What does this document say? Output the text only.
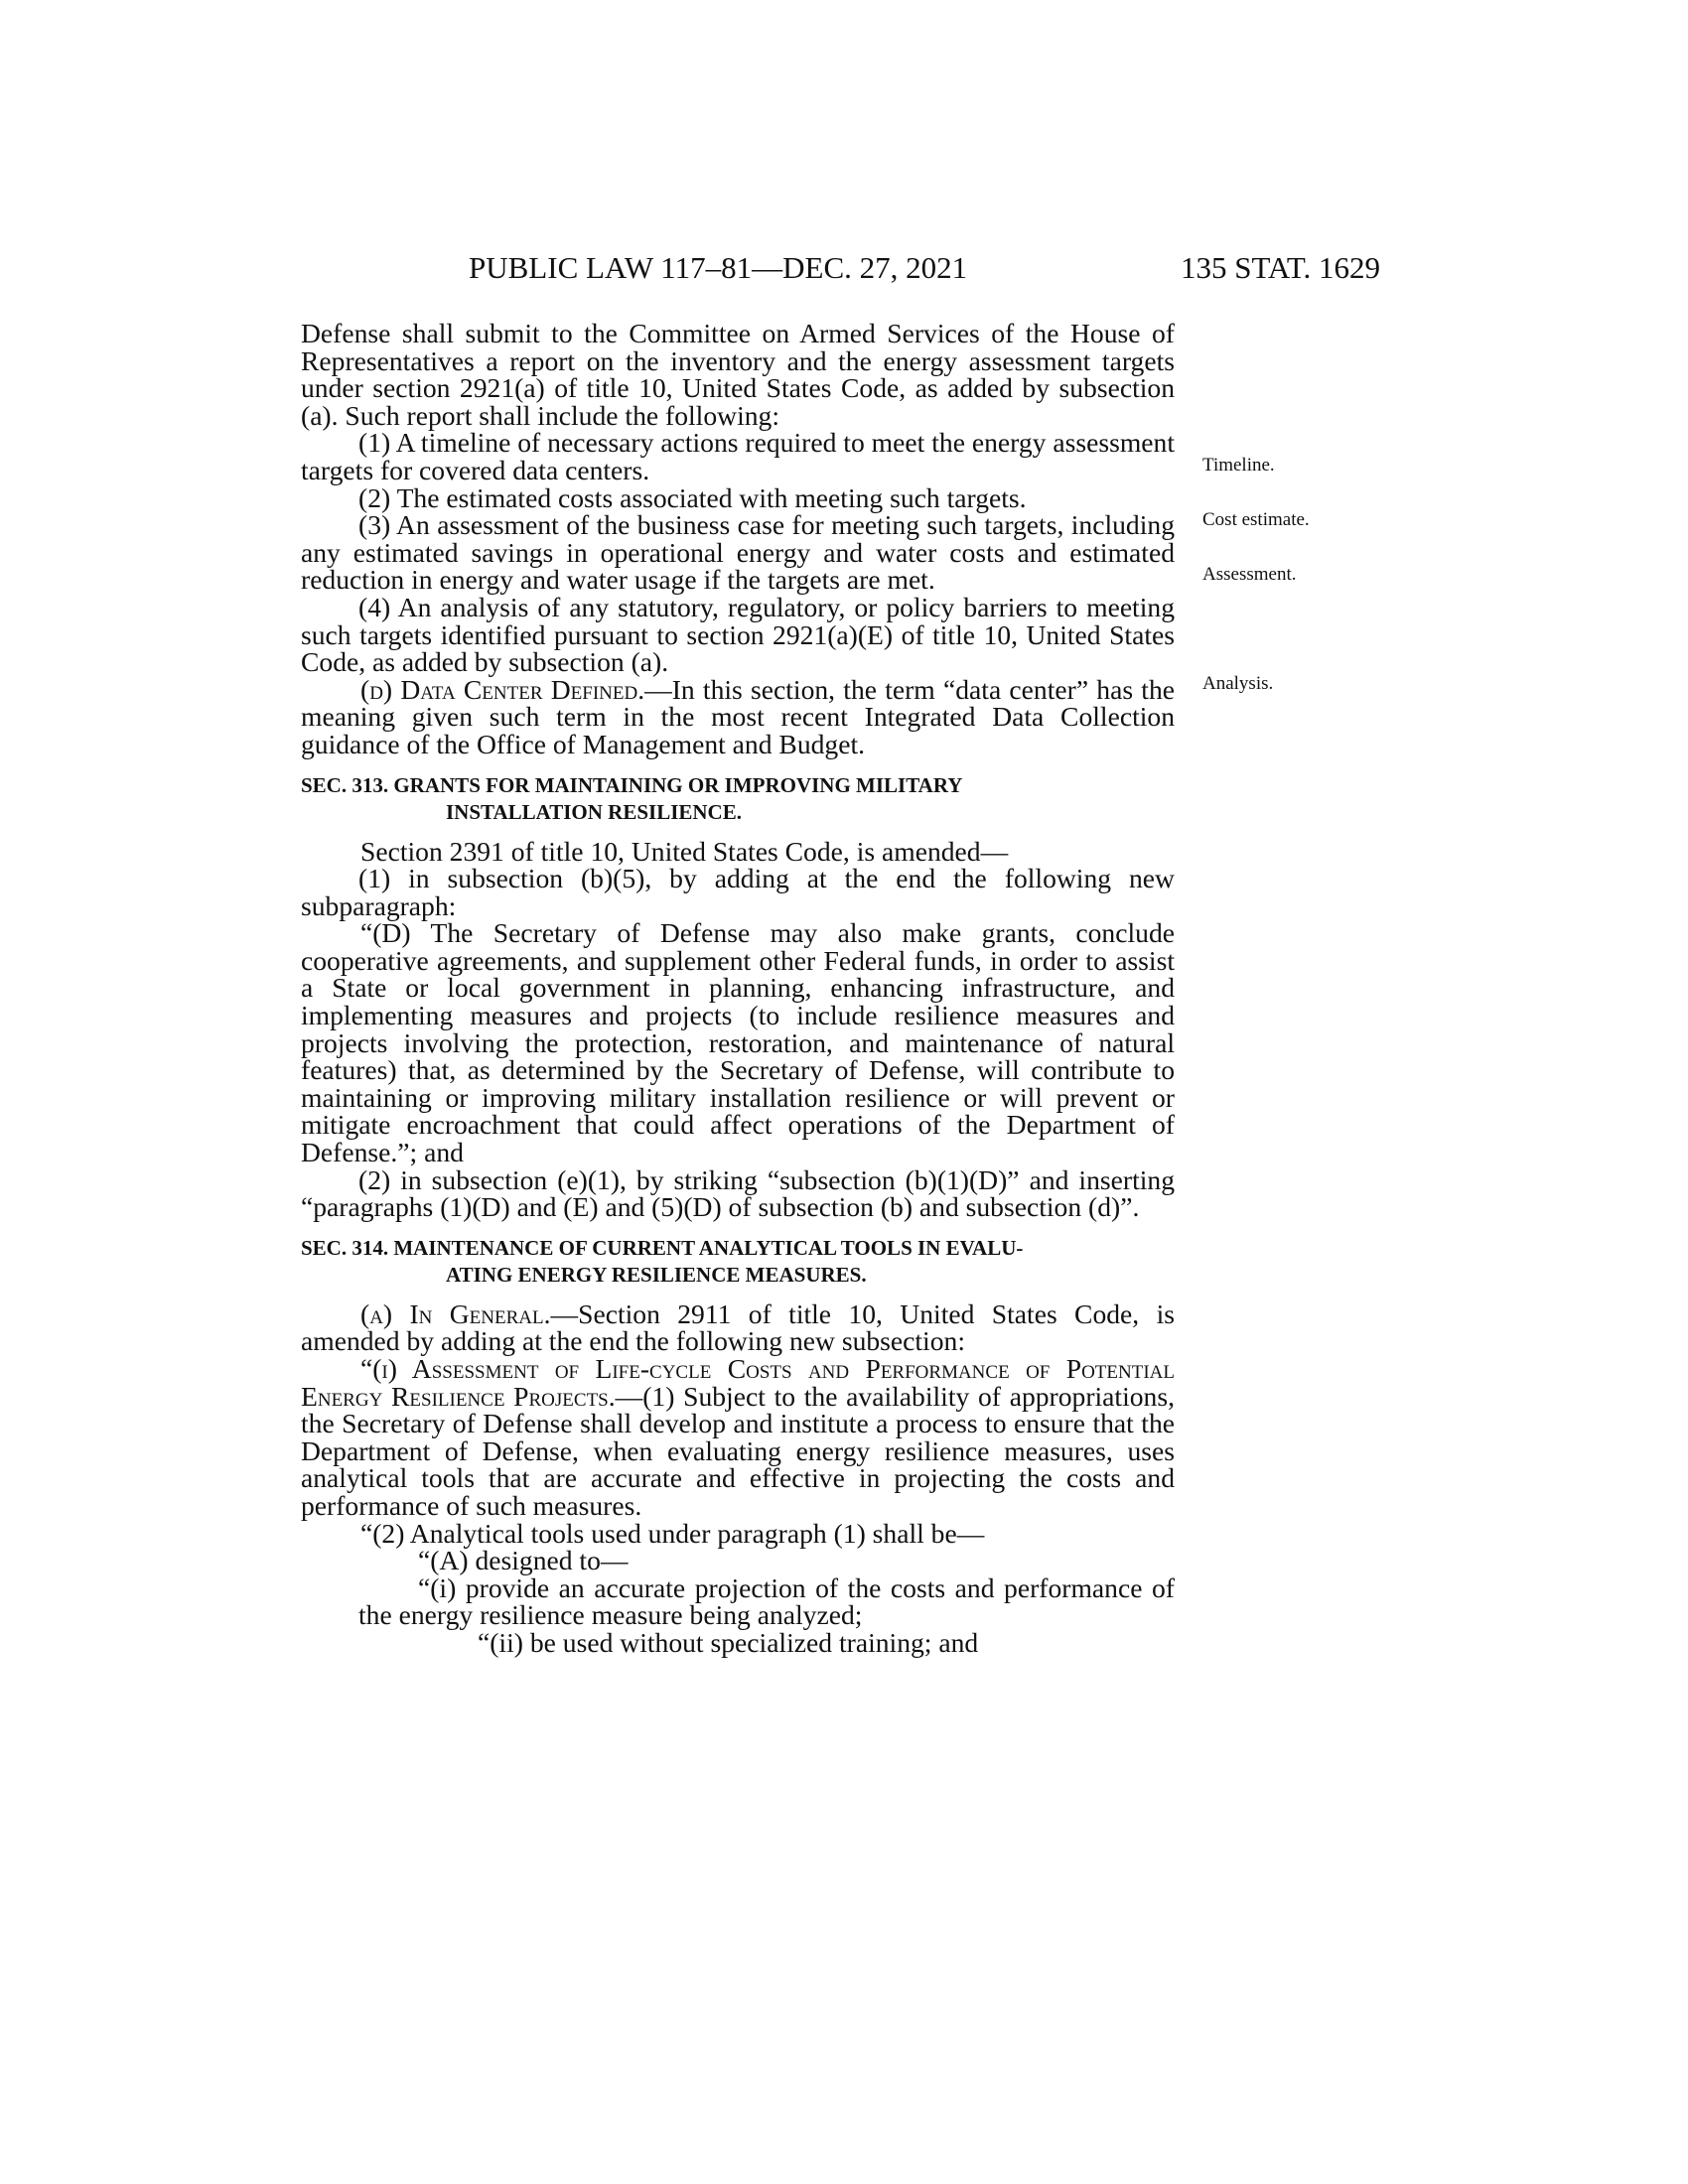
PUBLIC LAW 117–81—DEC. 27, 2021	135 STAT. 1629
Timeline.
Cost estimate.
Assessment.
Analysis.

Defense shall submit to the Committee on Armed Services of the House of Representatives a report on the inventory and the energy assessment targets under section 2921(a) of title 10, United States Code, as added by subsection (a). Such report shall include the following:

(1) A timeline of necessary actions required to meet the energy assessment targets for covered data centers.

(2) The estimated costs associated with meeting such targets.

(3) An assessment of the business case for meeting such targets, including any estimated savings in operational energy and water costs and estimated reduction in energy and water usage if the targets are met.

(4) An analysis of any statutory, regulatory, or policy barriers to meeting such targets identified pursuant to section 2921(a)(E) of title 10, United States Code, as added by subsection (a).

(d) Data Center Defined.—In this section, the term “data center” has the meaning given such term in the most recent Integrated Data Collection guidance of the Office of Management and Budget.

SEC. 313. GRANTS FOR MAINTAINING OR IMPROVING MILITARY
INSTALLATION RESILIENCE.

Section 2391 of title 10, United States Code, is amended—

(1) in subsection (b)(5), by adding at the end the following new subparagraph:

“(D) The Secretary of Defense may also make grants, conclude cooperative agreements, and supplement other Federal funds, in order to assist a State or local government in planning, enhancing infrastructure, and implementing measures and projects (to include resilience measures and projects involving the protection, restoration, and maintenance of natural features) that, as determined by the Secretary of Defense, will contribute to maintaining or improving military installation resilience or will prevent or mitigate encroachment that could affect operations of the Department of Defense.”; and

(2) in subsection (e)(1), by striking “subsection (b)(1)(D)” and inserting “paragraphs (1)(D) and (E) and (5)(D) of subsection (b) and subsection (d)”.

SEC. 314. MAINTENANCE OF CURRENT ANALYTICAL TOOLS IN EVALU-
ATING ENERGY RESILIENCE MEASURES.

(a) In General.—Section 2911 of title 10, United States Code, is amended by adding at the end the following new subsection:

“(i) Assessment of Life-cycle Costs and Performance of Potential Energy Resilience Projects.—(1) Subject to the availability of appropriations, the Secretary of Defense shall develop and institute a process to ensure that the Department of Defense, when evaluating energy resilience measures, uses analytical tools that are accurate and effective in projecting the costs and performance of such measures.

“(2) Analytical tools used under paragraph (1) shall be—

“(A) designed to—

“(i) provide an accurate projection of the costs and performance of the energy resilience measure being analyzed;

“(ii) be used without specialized training; and
